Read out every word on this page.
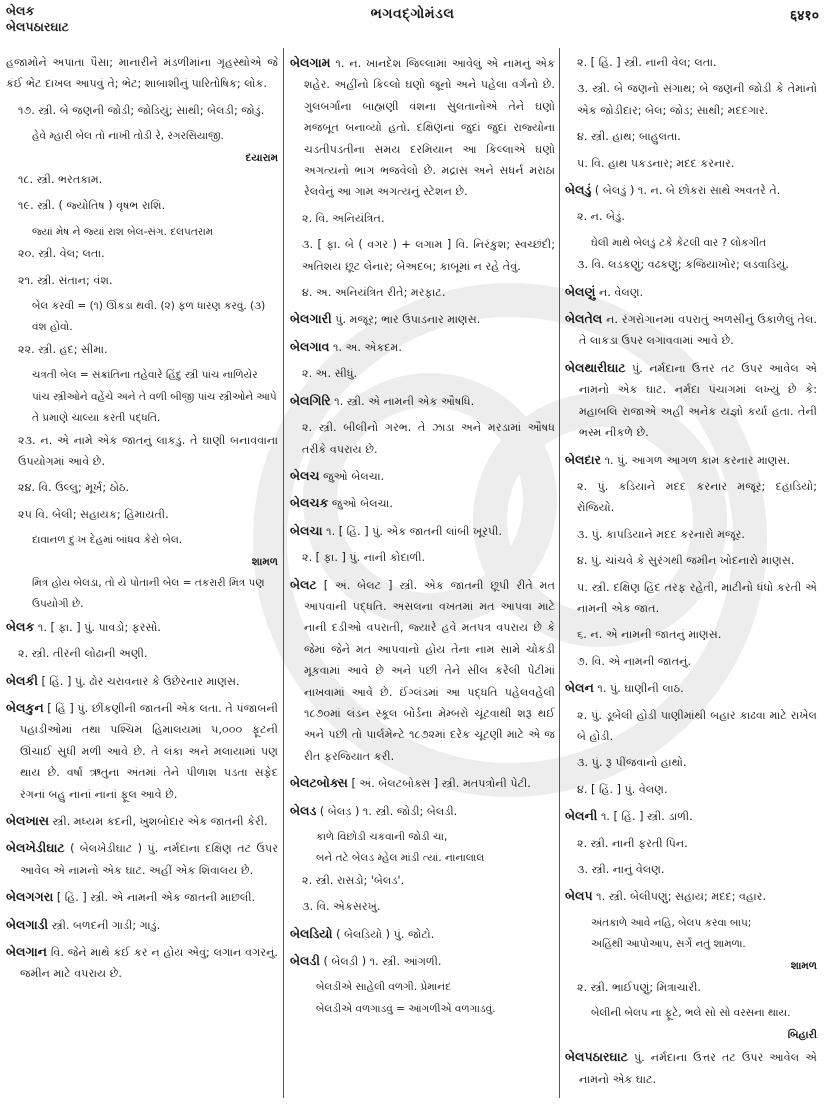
બેલક
બેલપઠારઘાટ
ભગવદ્ગોમંડલ	६४१०
હજામોને અપાતા પૈસા; માનારીને મંડળીમાંના ગૃહસ્થોએ જે કંઈ ભેટ દાખલ આપવું તે; ભેટ; શાબાશીનું પારિતોષિક; લોક.
૧૭. સ્ત્રી. બે જણની જોડી; જોડિયું; સાથી; બેલડી; જોડું.
હેવે મ્હારી બેલ તો નાખી તોડી રે, રંગરસિયાજી.
દયારામ
૧૮. સ્ત્રી. ભરતકામ.
૧૯. સ્ત્રી. ( જ્યોતિષ ) વૃષભ રાશિ.
જ્યાં મેષ ને જ્યાં રાશ બેલ-સંગ. દલપતરામ
૨૦. સ્ત્રી. વેલ; લતા.
૨૧. સ્ત્રી. સંતાન; વંશ.
બેલ કરવી = (૧) ઊંકડા થવી. (૨) ફળ ધારણ કરવું. (૩) વંશ હોવો.
૨૨. સ્ત્રી. હદ; સીમા.
ચત્રતી બેલ = સંક્રાંતિના તહેવારે હિંદુ સ્ત્રી પાંચ નાળિયેર પાંચ સ્ત્રીઓને વહેંચે અને તે વળી બીજી પાંચ સ્ત્રીઓને આપે તે પ્રમાણે ચાલ્યા કરતી પદ્ધતિ.
૨૩. ન. એ નામે એક જાતનું લાકડું. તે ઘાણી બનાવવાના ઉપયોગમાં આવે છે.
૨૪. વિ. ઉલ્લુ; મૂર્ખ; ઠોઠ.
૨૫ વિ. બેલી; સહાયક; હિમાયતી.
દાવાનળ દુઃખ દેહમાં બાંધવ કેરો બેલ.
શામળ
મિત્ર હોય બેલડા, તો યે પોતાની બેલ = તકરારી મિત્ર પણ ઉપયોગી છે.
બેલક ૧. [ ફા. ] પું. પાવડો; ફરસો.
૨. સ્ત્રી. તીરની લોઢાની અણી.
બેલકી [ હિં. ] પું. ઢોર ચરાવનાર કે ઉછેરનાર માણસ.
બેલકુન [ હિં ] પું. છીંકણીની જાતની એક લતા. તે પંજાબની પહાડીઓમાં તથા પશ્ચિમ હિમાલયમાં ૫,૦૦૦ ફૂટની ઊંચાઈ સુધી મળી આવે છે. તે લંકા અને મલાયામાં પણ થાય છે. વર્ષા ઋતુના અંતમાં તેને પીળાશ પડતા સફેદ રંગનાં બહુ નાનાં નાનાં ફૂલ આવે છે.
બેલખાસ સ્ત્રી. મધ્યમ કદની, ખુશબોદાર એક જાતની કેરી.
બેલખેડીઘાટ ( બેલખેડીઘાટ ) પું. નર્મદાના દક્ષિણ તટ ઉપર આવેલ એ નામનો એક ઘાટ. અહીં એક શિવાલય છે.
બેલગગરા [ હિં. ] સ્ત્રી. એ નામની એક જાતની માછલી.
બેલગાડી સ્ત્રી. બળદની ગાડી; ગાડું.
બેલગાન વિ. જેને માથે કંઈ કર ન હોય એવું; લગાન વગરનું. જમીન માટે વપરાય છે.
બેલગામ ૧. ન. ખાનદેશ જિલ્લામાં આવેલું એ નામનું એક શહેર. અહીંનો કિલ્લો ઘણો જૂનો અને પહેલા વર્ગનો છે. ગુલબર્ગાના બાહ્મણી વંશના સુલતાનોએ તેને ઘણો મજબૂત બનાવ્યો હતો. દક્ષિણનાં જુદાં જુદાં રાજ્યોના ચડતીપડતીના સમય દરમિયાન આ કિલ્લાએ ઘણો અગત્યનો ભાગ ભજવેલો છે. મદ્રાસ અને સધર્ન મરાઠા રેલવેનું આ ગામ અગત્યનું સ્ટેશન છે.
૨. વિ. અનિયંત્રિત.
૩. [ ફા. બે ( વગર ) + લગામ ] વિ. નિરંકુશ; સ્વચ્છંદી; અતિશય છૂટ લેનાર; બેઅદબ; કાબૂમાં ન રહે તેવું.
૪. અ. અનિયંત્રિત રીતે; મરફાટ.
બેલગારી પું. મજૂર; ભાર ઉપાડનાર માણસ.
બેલગાવ ૧. અ. એકદમ.
૨. અ. સીધું.
બેલગિરિ ૧. સ્ત્રી. એ નામની એક ઔષધિ.
૨. સ્ત્રી. બીલીનો ગરભ. તે ઝાડા અને મરડામાં ઔષધ તરીકે વપરાય છે.
બેલચ જુઓ બેલચા.
બેલચક જુઓ બેલચા.
બેલચા ૧. [ હિં. ] પું. એક જાતની લાંબી ખૂરપી.
૨. [ ફા. ] પું. નાની કોદાળી.
બેલટ [ અં. બેલટ ] સ્ત્રી. એક જાતની છૂપી રીતે મત આપવાની પદ્ધતિ. અસલના વખતમાં મત આપવા માટે નાની દડીઓ વપરાતી, જ્યારે હવે મતપત્ર વપરાય છે કે જેમાં જેને મત આપવાનો હોય તેના નામ સામે ચોકડી મૂકવામાં આવે છે અને પછી તેને સીલ કરેલી પેટીમાં નાખવામાં આવે છે. ઈંગ્લંડમાં આ પદ્ધતિ પહેલવહેલી ૧૮૭૦માં લંડન સ્કૂલ બોર્ડના મેમ્બરો ચૂંટવાથી શરૂ થઈ અને પછી તો પાર્લમેન્ટે ૧૮૭૨માં દરેક ચૂંટણી માટે એ જ રીત ફરજિયાત કરી.
બેલટબોક્સ [ અં. બેલટબોક્સ ] સ્ત્રી. મતપત્રોની પેટી.
બેલડ ( બેલડ઼ ) ૧. સ્ત્રી. જોડી; બેલડી.
કાળે વિછોડી ચકવાની જોડી ચા,
બને તટે બેલડ મ્હેલ માંડી ત્યાં. નાનાલાલ
૨. સ્ત્રી. રાસડો; 'બેલડ'.
૩. વિ. એકસરખું.
બેલડિયો ( બેલડ઼િયો ) પું. જોટો.
બેલડી ( બેલડ઼ી ) ૧. સ્ત્રી. આંગળી.
બેલડીએ સાહેલી વળગી. પ્રેમાનંદ
બેલડીએ વળગાડવું = આંગળીએ વળગાડવું.
૨. [ હિં. ] સ્ત્રી. નાની વેલ; લતા.
૩. સ્ત્રી. બે જણનો સંગાથ; બે જણની જોડી કે તેમાંનો એક જોડીદાર; બેલ; જોડ; સાથી; મદદગાર.
૪. સ્ત્રી. હાથ; બાહુલતા.
૫. વિ. હાથ પકડનાર; મદદ કરનાર.
બેલડું ( બેલડ઼ું ) ૧. ન. બે છોકરાં સાથે અવતરે તે.
૨. ન. બેડું.
ઘેલી માથે બેલડું ટકે કેટલી વાર ? લોકગીત
૩. વિ. લડકણું; વઢકણું; કજિયાખોર; લડવાડિયું.
બેલણું ન. વેલણ.
બેલતેલ ન. રંગરોગાનમાં વપરાતું અળસીનું ઉકાળેલું તેલ. તે લાકડા ઉપર લગાવવામાં આવે છે.
બેલથારીઘાટ પું. નર્મદાના ઉત્તર તટ ઉપર આવેલ એ નામનો એક ઘાટ. નર્મદા પંચાગમાં લખ્યું છે કે: મહાબલિ રાજાએ અહીં અનેક યજ્ઞો કર્યા હતા. તેની ભસ્મ નીકળે છે.
બેલદાર ૧. પું. આગળ આગળ કામ કરનાર માણસ.
૨. પું. કડિયાને મદદ કરનાર મજૂર; દહાડિયો; રોજિયો.
૩. પું. કાપડિયાને મદદ કરનારો મજૂર.
૪. પું. ચાંચવે કે સુરંગથી જમીન ખોદનારો માણસ.
૫. સ્ત્રી. દક્ષિણ હિંદ તરફ રહેતી, માટીનો ધંધો કરતી એ નામની એક જાત.
૬. ન. એ નામની જાતનું માણસ.
૭. વિ. એ નામની જાતનું.
બેલન ૧. પું. ઘાણીની લાઠ.
૨. પું. ડૂબેલી હોડી પાણીમાંથી બહાર કાઢવા માટે રાખેલ બે હોડી.
૩. પું. રૂ પીંજવાનો હાથો.
૪. [ હિં. ] પું. વેલણ.
બેલની ૧. [ હિં. ] સ્ત્રી. ડાળી.
૨. સ્ત્રી. નાની ફરતી પિન.
૩. સ્ત્રી. નાનું વેલણ.
બેલપ ૧. સ્ત્રી. બેલીપણું; સહાય; મદદ; વહાર.
અંતકાળે આવે નહિ, બેલપ કરવા બાપ;
અહિંથી આપોઆપ, સર્ગે નતું શામળા.
શામળ
૨. સ્ત્રી. ભાઈપણું; મિત્રાચારી.
બેલીની બેલપ ના ફૂટે, ભલે સો સો વરસના થાય.
બિહારી
બેલપઠારઘાટ પું. નર્મદાના ઉત્તર તટ ઉપર આવેલ એ નામનો એક ઘાટ.
